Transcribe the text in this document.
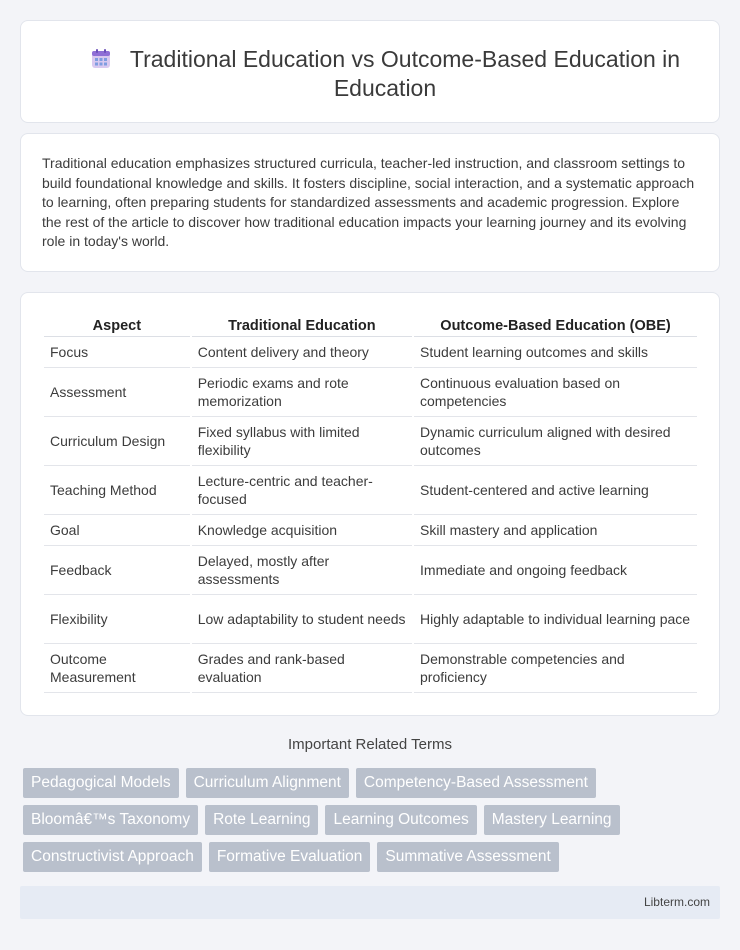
Traditional Education vs Outcome-Based Education in Education

Traditional education emphasizes structured curricula, teacher-led instruction, and classroom settings to build foundational knowledge and skills. It fosters discipline, social interaction, and a systematic approach to learning, often preparing students for standardized assessments and academic progression. Explore the rest of the article to discover how traditional education impacts your learning journey and its evolving role in today's world.

Aspect	Traditional Education	Outcome-Based Education (OBE)
Focus	Content delivery and theory	Student learning outcomes and skills
Assessment	Periodic exams and rote memorization	Continuous evaluation based on competencies
Curriculum Design	Fixed syllabus with limited flexibility	Dynamic curriculum aligned with desired outcomes
Teaching Method	Lecture-centric and teacher-focused	Student-centered and active learning
Goal	Knowledge acquisition	Skill mastery and application
Feedback	Delayed, mostly after assessments	Immediate and ongoing feedback
Flexibility	Low adaptability to student needs	Highly adaptable to individual learning pace
Outcome Measurement	Grades and rank-based evaluation	Demonstrable competencies and proficiency
Important Related Terms
Pedagogical Models	Curriculum Alignment	Competency-Based Assessment
Bloomâ€™s Taxonomy	Rote Learning	Learning Outcomes	Mastery Learning
Constructivist Approach	Formative Evaluation	Summative Assessment
Libterm.com
